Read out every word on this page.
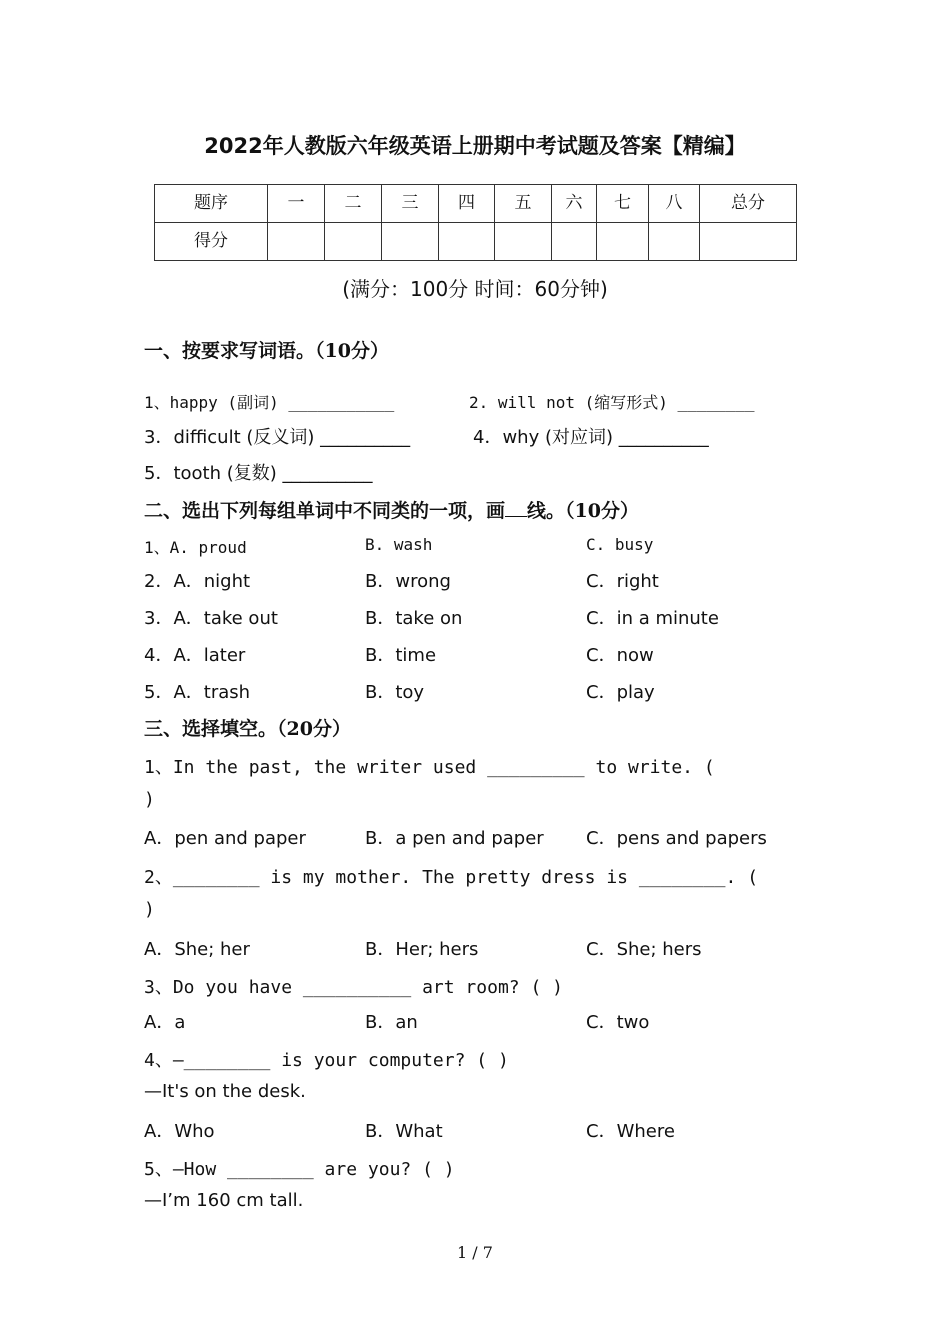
2022年人教版六年级英语上册期中考试题及答案【精编】
题序	一	二	三	四	五	六	七	八	总分
得分									
(满分：100分 时间：60分钟)
一、按要求写词语。（10分）
1、happy (副词) ___________	2. will not (缩写形式) ________
3．difficult (反义词) __________	4．why (对应词) __________
5．tooth (复数) __________
二、选出下列每组单词中不同类的一项，画 线。（10分）
1、A. proud	B. wash	C. busy
2．A．night	B．wrong	C．right
3．A．take out	B．take on	C．in a minute
4．A．later	B．time	C．now
5．A．trash	B．toy	C．play
三、选择填空。（20分）
1、In the past, the writer used _________ to write. (
)
A．pen and paper	B．a pen and paper C．pens and papers
2、________ is my mother. The pretty dress is ________. (
)
A．She; her	B．Her; hers	C．She; hers
3、Do you have __________ art room? ( )
A．a	B．an	C．two
4、—________ is your computer? ( )
—It's on the desk.
A．Who	B．What	C．Where
5、—How ________ are you? ( )
—I’m 160 cm tall.
1 / 7
